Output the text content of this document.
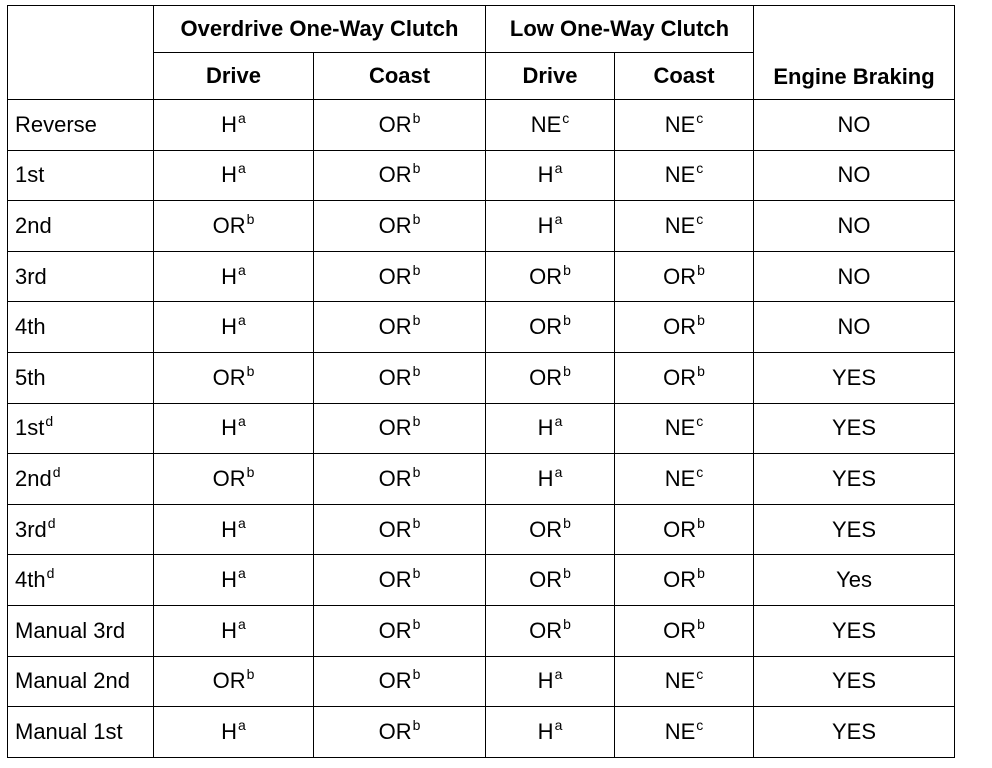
	Overdrive One-Way Clutch		Low One-Way Clutch		Engine Braking
	Drive	Coast	Drive	Coast	
Reverse	$H^a$	$OR^b$	$NE^c$	$NE^c$	NO
1st	$H^a$	$OR^b$	$H^a$	$NE^c$	NO
2nd	$OR^b$	$OR^b$	$H^a$	$NE^c$	NO
3rd	$H^a$	$OR^b$	$OR^b$	$OR^b$	NO
4th	$H^a$	$OR^b$	$OR^b$	$OR^b$	NO
5th	$OR^b$	$OR^b$	$OR^b$	$OR^b$	YES
$1st^d$	$H^a$	$OR^b$	$H^a$	$NE^c$	YES
$2nd^d$	$OR^b$	$OR^b$	$H^a$	$NE^c$	YES
$3rd^d$	$H^a$	$OR^b$	$OR^b$	$OR^b$	YES
$4th^d$	$H^a$	$OR^b$	$OR^b$	$OR^b$	Yes
Manual 3rd	$H^a$	$OR^b$	$OR^b$	$OR^b$	YES
Manual 2nd	$OR^b$	$OR^b$	$H^a$	$NE^c$	YES
Manual 1st	$H^a$	$OR^b$	$H^a$	$NE^c$	YES
